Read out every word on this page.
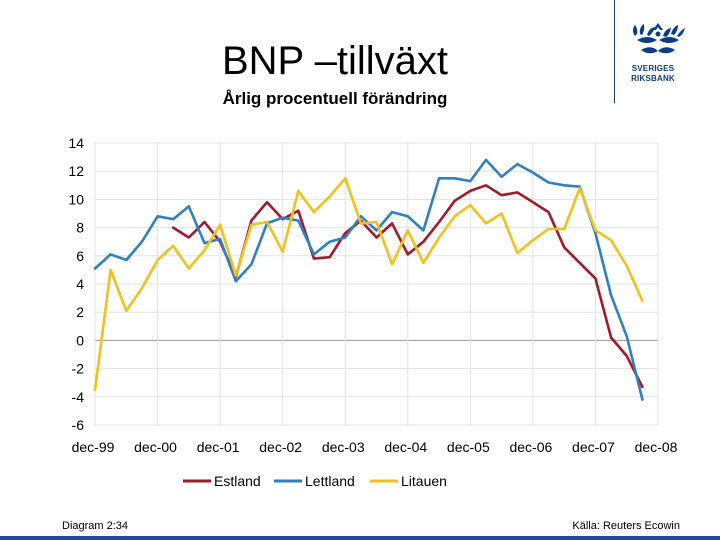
BNP –tillväxt
Årlig procentuell förändring
SVERIGES
RIKSBANK
-6
-4
-2
0
2
4
6
8
10
12
14
dec-99 dec-00 dec-01 dec-02 dec-03 dec-04 dec-05 dec-06 dec-07 dec-08
Estland	Lettland	Litauen
Diagram 2:34	Källa: Reuters Ecowin
